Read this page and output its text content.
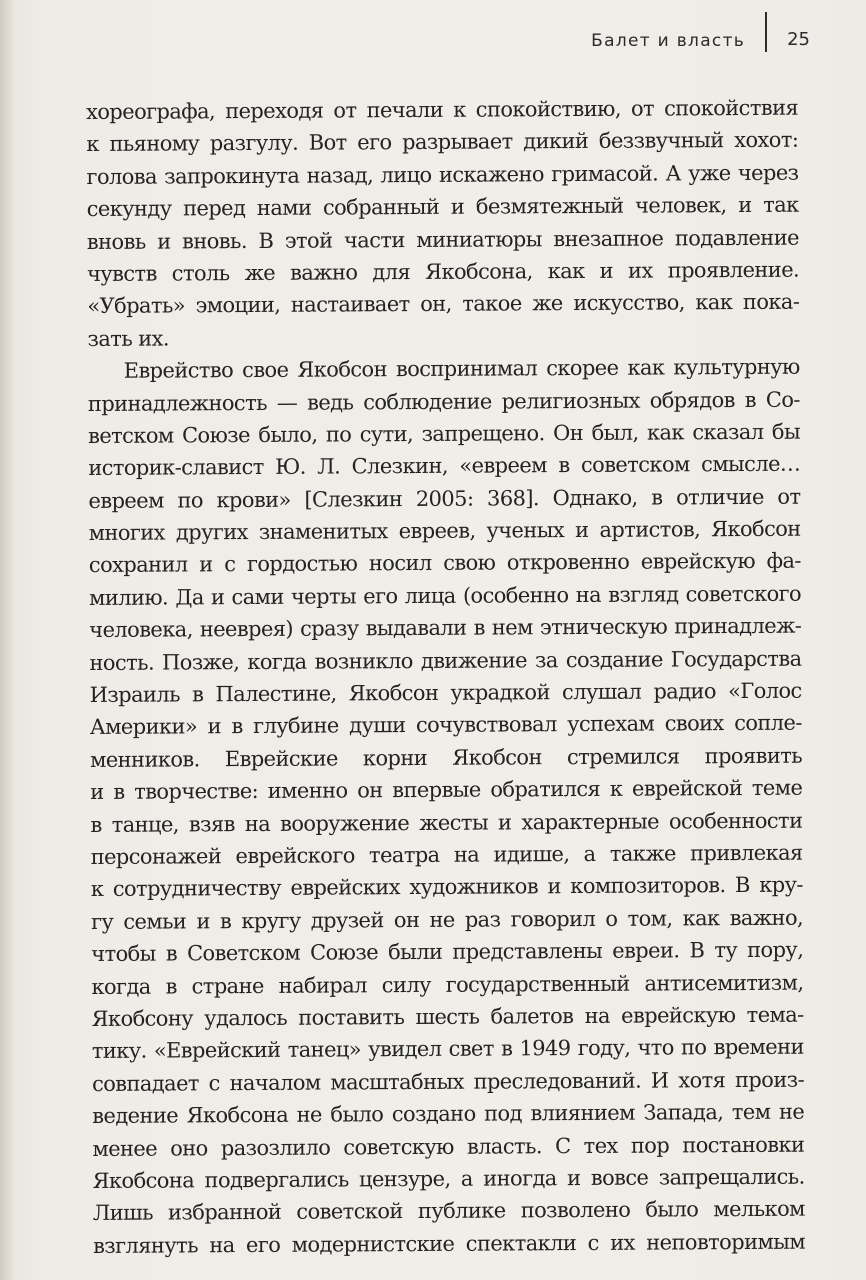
Балет и власть 25
хореографа, переходя от печали к спокойствию, от спокойствия
к пьяному разгулу. Вот его разрывает дикий беззвучный хохот:
голова запрокинута назад, лицо искажено гримасой. А уже через
секунду перед нами собранный и безмятежный человек, и так
вновь и вновь. В этой части миниатюры внезапное подавление
чувств столь же важно для Якобсона, как и их проявление.
«Убрать» эмоции, настаивает он, такое же искусство, как пока-
зать их.
Еврейство свое Якобсон воспринимал скорее как культурную
принадлежность — ведь соблюдение религиозных обрядов в Со-
ветском Союзе было, по сути, запрещено. Он был, как сказал бы
историк-славист Ю. Л. Слезкин, «евреем в советском смысле…
евреем по крови» [Слезкин 2005: 368]. Однако, в отличие от
многих других знаменитых евреев, ученых и артистов, Якобсон
сохранил и с гордостью носил свою откровенно еврейскую фа-
милию. Да и сами черты его лица (особенно на взгляд советского
человека, нееврея) сразу выдавали в нем этническую принадлеж-
ность. Позже, когда возникло движение за создание Государства
Израиль в Палестине, Якобсон украдкой слушал радио «Голос
Америки» и в глубине души сочувствовал успехам своих сопле-
менников. Еврейские корни Якобсон стремился проявить
и в творчестве: именно он впервые обратился к еврейской теме
в танце, взяв на вооружение жесты и характерные особенности
персонажей еврейского театра на идише, а также привлекая
к сотрудничеству еврейских художников и композиторов. В кру-
гу семьи и в кругу друзей он не раз говорил о том, как важно,
чтобы в Советском Союзе были представлены евреи. В ту пору,
когда в стране набирал силу государственный антисемитизм,
Якобсону удалось поставить шесть балетов на еврейскую тема-
тику. «Еврейский танец» увидел свет в 1949 году, что по времени
совпадает с началом масштабных преследований. И хотя произ-
ведение Якобсона не было создано под влиянием Запада, тем не
менее оно разозлило советскую власть. С тех пор постановки
Якобсона подвергались цензуре, а иногда и вовсе запрещались.
Лишь избранной советской публике позволено было мельком
взглянуть на его модернистские спектакли с их неповторимым
